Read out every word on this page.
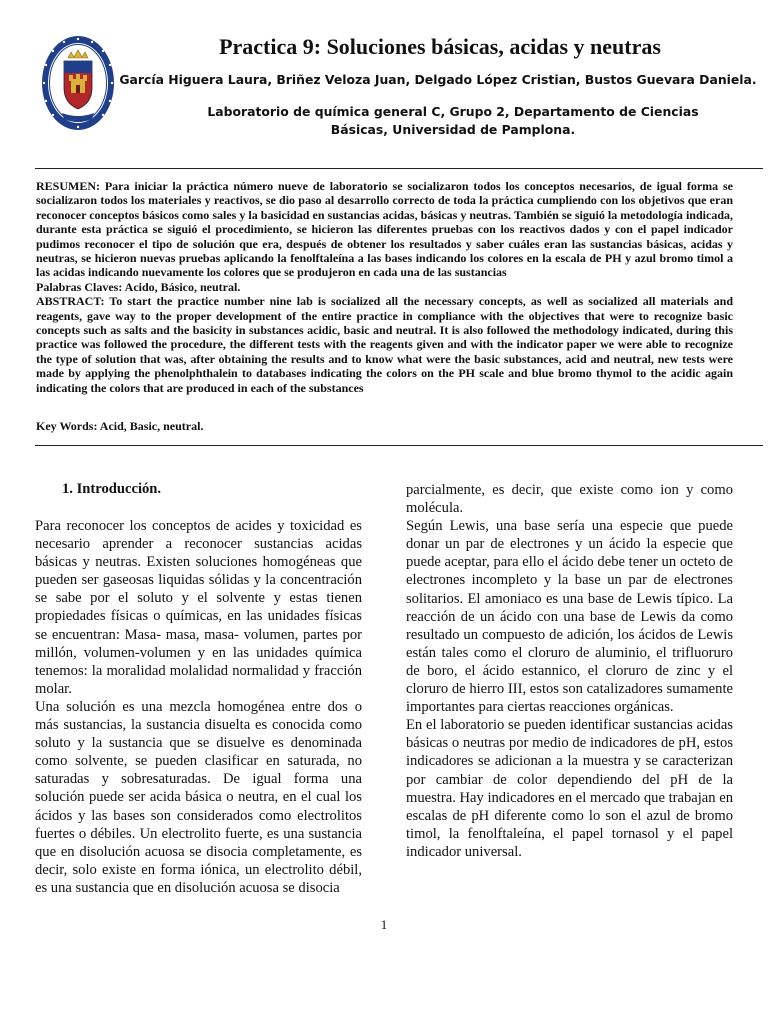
Practica 9: Soluciones básicas, acidas y neutras

García Higuera Laura, Briñez Veloza Juan, Delgado López Cristian, Bustos Guevara Daniela.

Laboratorio de química general C, Grupo 2, Departamento de Ciencias Básicas, Universidad de Pamplona.

RESUMEN: Para iniciar la práctica número nueve de laboratorio se socializaron todos los conceptos necesarios, de igual forma se socializaron todos los materiales y reactivos, se dio paso al desarrollo correcto de toda la práctica cumpliendo con los objetivos que eran reconocer conceptos básicos como sales y la basicidad en sustancias acidas, básicas y neutras. También se siguió la metodología indicada, durante esta práctica se siguió el procedimiento, se hicieron las diferentes pruebas con los reactivos dados y con el papel indicador pudimos reconocer el tipo de solución que era, después de obtener los resultados y saber cuáles eran las sustancias básicas, acidas y neutras, se hicieron nuevas pruebas aplicando la fenolftaleína a las bases indicando los colores en la escala de PH y azul bromo timol a las acidas indicando nuevamente los colores que se produjeron en cada una de las sustancias

Palabras Claves: Acido, Básico, neutral.

ABSTRACT: To start the practice number nine lab is socialized all the necessary concepts, as well as socialized all materials and reagents, gave way to the proper development of the entire practice in compliance with the objectives that were to recognize basic concepts such as salts and the basicity in substances acidic, basic and neutral. It is also followed the methodology indicated, during this practice was followed the procedure, the different tests with the reagents given and with the indicator paper we were able to recognize the type of solution that was, after obtaining the results and to know what were the basic substances, acid and neutral, new tests were made by applying the phenolphthalein to databases indicating the colors on the PH scale and blue bromo thymol to the acidic again indicating the colors that are produced in each of the substances

Key Words: Acid, Basic, neutral.

1. Introducción.

Para reconocer los conceptos de acides y toxicidad es necesario aprender a reconocer sustancias acidas básicas y neutras. Existen soluciones homogéneas que pueden ser gaseosas liquidas sólidas y la concentración se sabe por el soluto y el solvente y estas tienen propiedades físicas o químicas, en las unidades físicas se encuentran: Masa- masa, masa- volumen, partes por millón, volumen-volumen y en las unidades química tenemos: la moralidad molalidad normalidad y fracción molar.

Una solución es una mezcla homogénea entre dos o más sustancias, la sustancia disuelta es conocida como soluto y la sustancia que se disuelve es denominada como solvente, se pueden clasificar en saturada, no saturadas y sobresaturadas. De igual forma una solución puede ser acida básica o neutra, en el cual los ácidos y las bases son considerados como electrolitos fuertes o débiles. Un electrolito fuerte, es una sustancia que en disolución acuosa se disocia completamente, es decir, solo existe en forma iónica, un electrolito débil, es una sustancia que en disolución acuosa se disocia

parcialmente, es decir, que existe como ion y como molécula.

Según Lewis, una base sería una especie que puede donar un par de electrones y un ácido la especie que puede aceptar, para ello el ácido debe tener un octeto de electrones incompleto y la base un par de electrones solitarios. El amoniaco es una base de Lewis típico. La reacción de un ácido con una base de Lewis da como resultado un compuesto de adición, los ácidos de Lewis están tales como el cloruro de aluminio, el trifluoruro de boro, el ácido estannico, el cloruro de zinc y el cloruro de hierro III, estos son catalizadores sumamente importantes para ciertas reacciones orgánicas.

En el laboratorio se pueden identificar sustancias acidas básicas o neutras por medio de indicadores de pH, estos indicadores se adicionan a la muestra y se caracterizan por cambiar de color dependiendo del pH de la muestra. Hay indicadores en el mercado que trabajan en escalas de pH diferente como lo son el azul de bromo timol, la fenolftaleína, el papel tornasol y el papel indicador universal.

1
